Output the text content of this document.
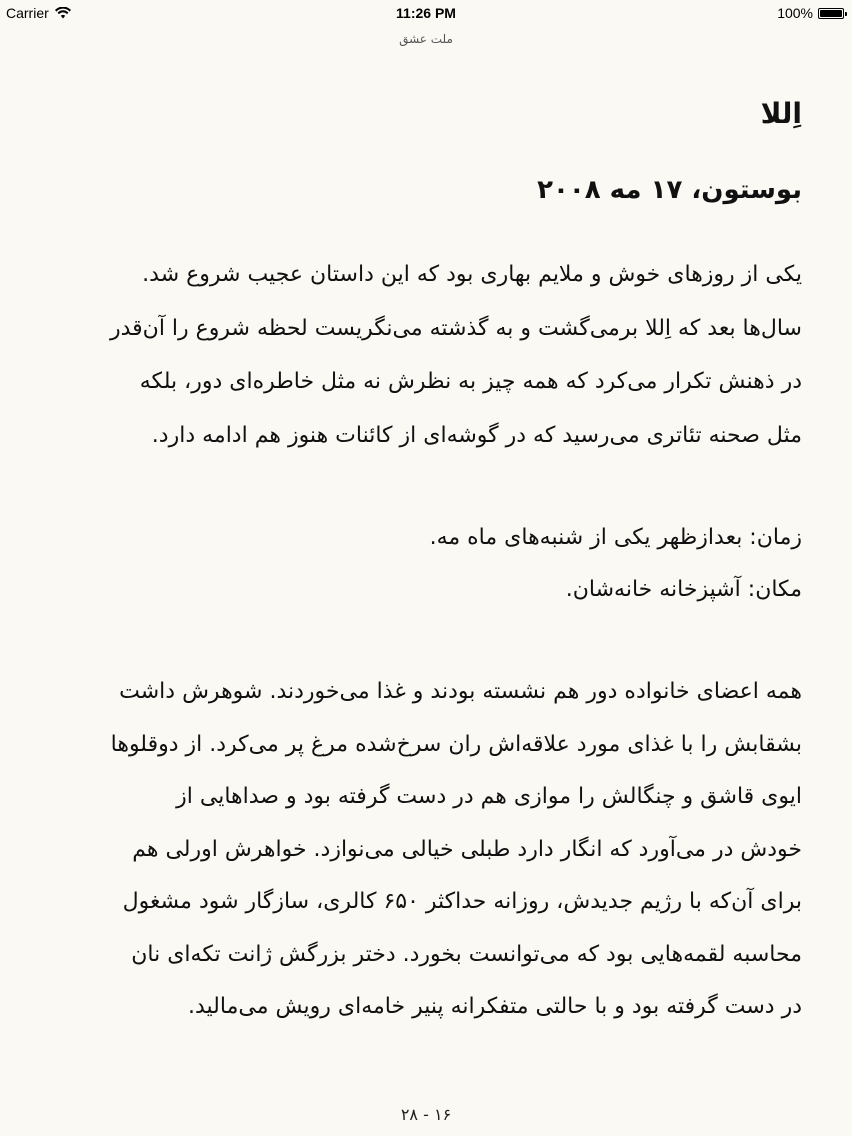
Carrier	11:26 PM	100%
ملت عشق
اِللا
بوستون، ۱۷ مه ۲۰۰۸

یکی از روزهای خوش و ملایم بهاری بود که این داستان عجیب شروع شد.
سال‌ها بعد که اِللا برمی‌گشت و به گذشته می‌نگریست لحظه شروع را آن‌قدر
در ذهنش تکرار می‌کرد که همه چیز به نظرش نه مثل خاطره‌ای دور، بلکه
مثل صحنه تئاتری می‌رسید که در گوشه‌ای از کائنات هنوز هم ادامه دارد.

زمان: بعدازظهر یکی از شنبه‌های ماه مه.
مکان: آشپزخانه خانه‌شان.

همه اعضای خانواده دور هم نشسته بودند و غذا می‌خوردند. شوهرش داشت
بشقابش را با غذای مورد علاقه‌اش ران سرخ‌شده مرغ پر می‌کرد. از دوقلوها
ایوی قاشق و چنگالش را موازی هم در دست گرفته بود و صداهایی از
خودش در می‌آورد که انگار دارد طبلی خیالی می‌نوازد. خواهرش اورلی هم
برای آن‌که با رژیم جدیدش، روزانه حداکثر ۶۵۰ کالری، سازگار شود مشغول
محاسبه لقمه‌هایی بود که می‌توانست بخورد. دختر بزرگش ژانت تکه‌ای نان
در دست گرفته بود و با حالتی متفکرانه پنیر خامه‌ای رویش می‌مالید.

۱۶ - ۲۸
